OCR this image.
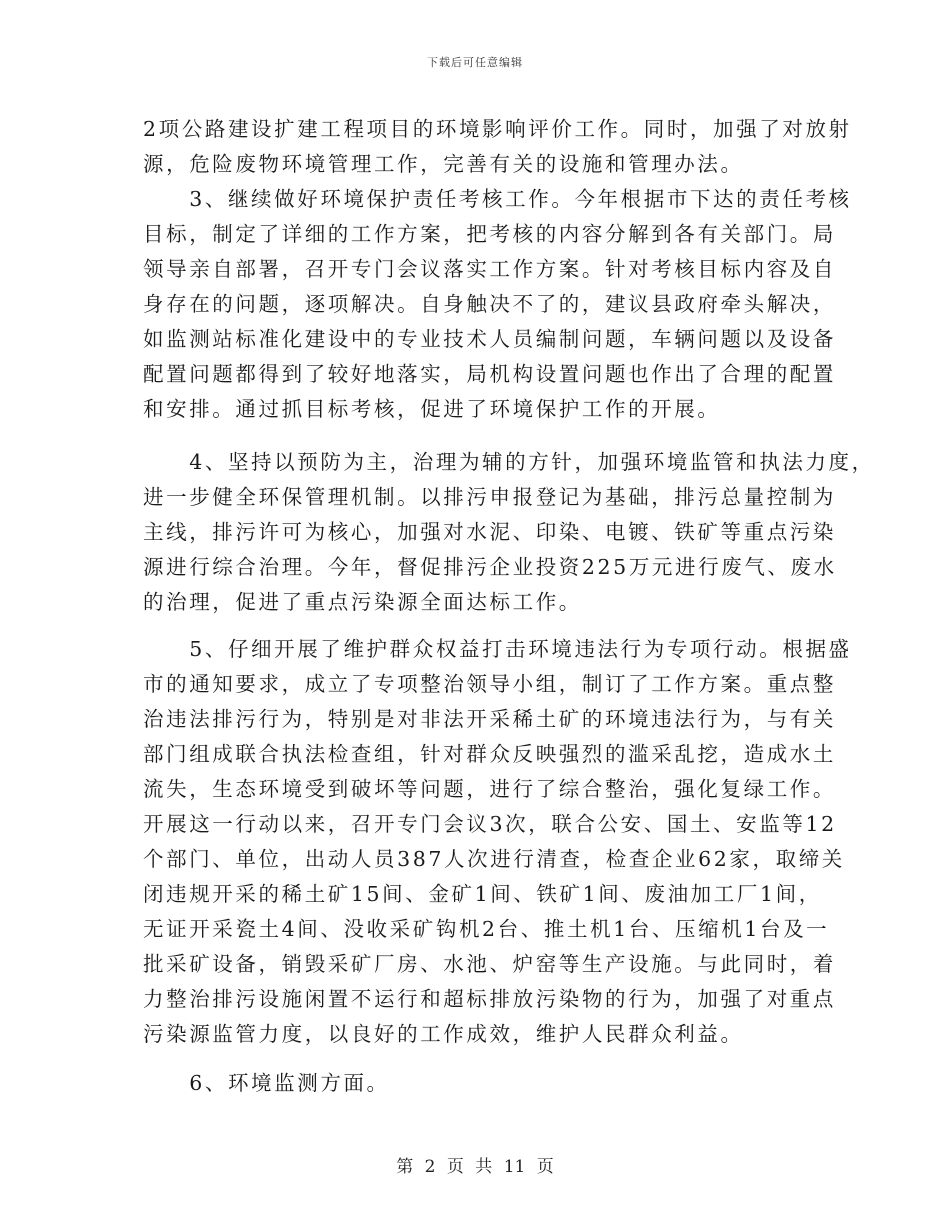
下载后可任意编辑
2项公路建设扩建工程项目的环境影响评价工作。同时，加强了对放射
源，危险废物环境管理工作，完善有关的设施和管理办法。
　　3、继续做好环境保护责任考核工作。今年根据市下达的责任考核
目标，制定了详细的工作方案，把考核的内容分解到各有关部门。局
领导亲自部署，召开专门会议落实工作方案。针对考核目标内容及自
身存在的问题，逐项解决。自身触决不了的，建议县政府牵头解决，
如监测站标准化建设中的专业技术人员编制问题，车辆问题以及设备
配置问题都得到了较好地落实，局机构设置问题也作出了合理的配置
和安排。通过抓目标考核，促进了环境保护工作的开展。
　　4、坚持以预防为主，治理为辅的方针，加强环境监管和执法力度，
进一步健全环保管理机制。以排污申报登记为基础，排污总量控制为
主线，排污许可为核心，加强对水泥、印染、电镀、铁矿等重点污染
源进行综合治理。今年，督促排污企业投资225万元进行废气、废水
的治理，促进了重点污染源全面达标工作。
　　5、仔细开展了维护群众权益打击环境违法行为专项行动。根据盛
市的通知要求，成立了专项整治领导小组，制订了工作方案。重点整
治违法排污行为，特别是对非法开采稀土矿的环境违法行为，与有关
部门组成联合执法检查组，针对群众反映强烈的滥采乱挖，造成水土
流失，生态环境受到破坏等问题，进行了综合整治，强化复绿工作。
开展这一行动以来，召开专门会议3次，联合公安、国土、安监等12
个部门、单位，出动人员387人次进行清查，检查企业62家，取缔关
闭违规开采的稀土矿15间、金矿1间、铁矿1间、废油加工厂1间，
无证开采瓷土4间、没收采矿钩机2台、推土机1台、压缩机1台及一
批采矿设备，销毁采矿厂房、水池、炉窑等生产设施。与此同时，着
力整治排污设施闲置不运行和超标排放污染物的行为，加强了对重点
污染源监管力度，以良好的工作成效，维护人民群众利益。
　　6、环境监测方面。
第 2 页 共 11 页
